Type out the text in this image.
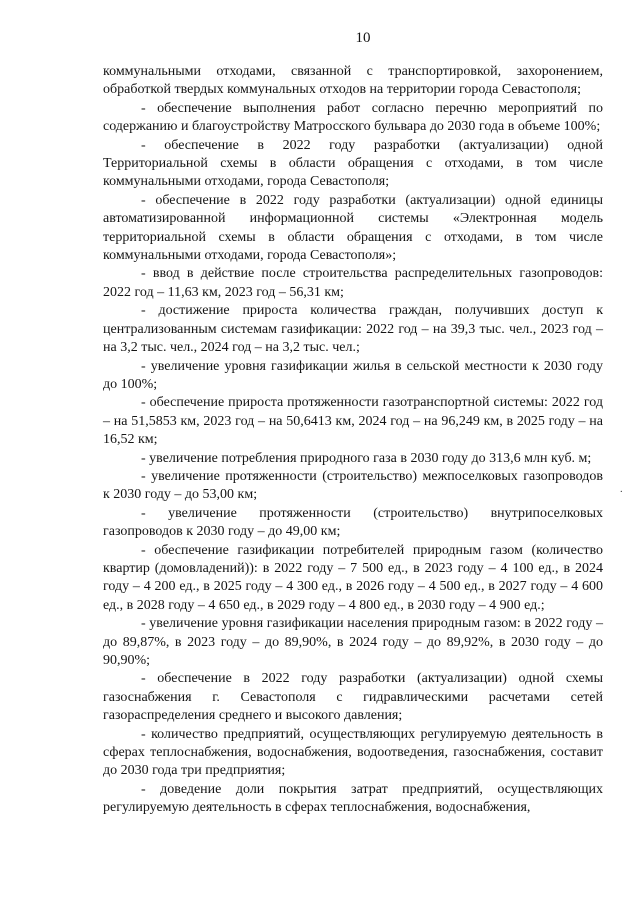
10

коммунальными отходами, связанной с транспортировкой, захоронением, обработкой твердых коммунальных отходов на территории города Севастополя;

- обеспечение выполнения работ согласно перечню мероприятий по содержанию и благоустройству Матросского бульвара до 2030 года в объеме 100%;

- обеспечение в 2022 году разработки (актуализации) одной Территориальной схемы в области обращения с отходами, в том числе коммунальными отходами, города Севастополя;

- обеспечение в 2022 году разработки (актуализации) одной единицы автоматизированной информационной системы «Электронная модель территориальной схемы в области обращения с отходами, в том числе коммунальными отходами, города Севастополя»;

- ввод в действие после строительства распределительных газопроводов: 2022 год – 11,63 км, 2023 год – 56,31 км;

- достижение прироста количества граждан, получивших доступ к централизованным системам газификации: 2022 год – на 39,3 тыс. чел., 2023 год – на 3,2 тыс. чел., 2024 год – на 3,2 тыс. чел.;

- увеличение уровня газификации жилья в сельской местности к 2030 году до 100%;

- обеспечение прироста протяженности газотранспортной системы: 2022 год – на 51,5853 км, 2023 год – на 50,6413 км, 2024 год – на 96,249 км, в 2025 году – на 16,52 км;

- увеличение потребления природного газа в 2030 году до 313,6 млн куб. м;

- увеличение протяженности (строительство) межпоселковых газопроводов к 2030 году – до 53,00 км;

- увеличение протяженности (строительство) внутрипоселковых газопроводов к 2030 году – до 49,00 км;

- обеспечение газификации потребителей природным газом (количество квартир (домовладений)): в 2022 году – 7 500 ед., в 2023 году – 4 100 ед., в 2024 году – 4 200 ед., в 2025 году – 4 300 ед., в 2026 году – 4 500 ед., в 2027 году – 4 600 ед., в 2028 году – 4 650 ед., в 2029 году – 4 800 ед., в 2030 году – 4 900 ед.;

- увеличение уровня газификации населения природным газом: в 2022 году – до 89,87%, в 2023 году – до 89,90%, в 2024 году – до 89,92%, в 2030 году – до 90,90%;

- обеспечение в 2022 году разработки (актуализации) одной схемы газоснабжения г. Севастополя с гидравлическими расчетами сетей газораспределения среднего и высокого давления;

- количество предприятий, осуществляющих регулируемую деятельность в сферах теплоснабжения, водоснабжения, водоотведения, газоснабжения, составит до 2030 года три предприятия;

- доведение доли покрытия затрат предприятий, осуществляющих регулируемую деятельность в сферах теплоснабжения, водоснабжения,

·
